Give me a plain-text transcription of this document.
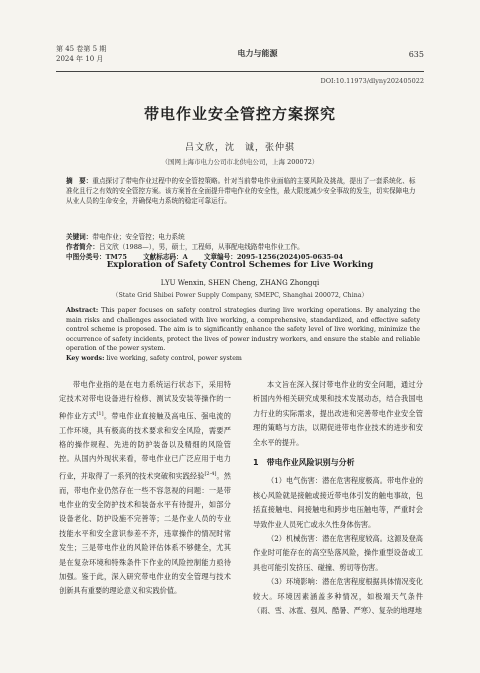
第 45 卷第 5 期
2024 年 10 月
电力与能源	635
DOI:10.11973/dlyny202405022
带电作业安全管控方案探究
吕文欣，沈　诚，张仲骐
（国网上海市电力公司市北供电公司，上海 200072）
摘　要：重点探讨了带电作业过程中的安全管控策略。针对当前带电作业面临的主要风险及挑战，提出了一套系统化、标准化且行之有效的安全管控方案。该方案旨在全面提升带电作业的安全性，最大限度减少安全事故的发生，切实保障电力从业人员的生命安全，并确保电力系统的稳定可靠运行。
关键词：带电作业；安全管控；电力系统
作者简介：吕文欣（1988—），男，硕士，工程师，从事配电线路带电作业工作。
中图分类号：TM75 文献标志码：A 文章编号：2095-1256(2024)05-0635-04
Exploration of Safety Control Schemes for Live Working
LYU Wenxin, SHEN Cheng, ZHANG Zhongqi
（State Grid Shibei Power Supply Company, SMEPC, Shanghai 200072, China）
Abstract: This paper focuses on safety control strategies during live working operations. By analyzing the main risks and challenges associated with live working, a comprehensive, standardized, and effective safety control scheme is proposed. The aim is to significantly enhance the safety level of live working, minimize the occurrence of safety incidents, protect the lives of power industry workers, and ensure the stable and reliable operation of the power system.
Key words: live working, safety control, power system

带电作业指的是在电力系统运行状态下，采用特定技术对带电设备进行检修、测试及安装等操作的一种作业方式[1]。带电作业直接触及高电压、强电流的工作环境，具有极高的技术要求和安全风险，需要严格的操作规程、先进的防护装备以及精细的风险管控。从国内外现状来看，带电作业已广泛应用于电力行业，并取得了一系列的技术突破和实践经验[2-4]。然而，带电作业仍然存在一些不容忽视的问题：一是带电作业的安全防护技术和装备水平有待提升，如部分设备老化、防护设施不完善等；二是作业人员的专业技能水平和安全意识参差不齐，违章操作的情况时常发生；三是带电作业的风险评估体系不够健全，尤其是在复杂环境和特殊条件下作业的风险控制能力亟待加强。鉴于此，深入研究带电作业的安全管理与技术创新具有重要的理论意义和实践价值。

本文旨在深入探讨带电作业的安全问题，通过分析国内外相关研究成果和技术发展动态，结合我国电力行业的实际需求，提出改进和完善带电作业安全管理的策略与方法，以期促进带电作业技术的进步和安全水平的提升。

1　带电作业风险识别与分析

（1）电气伤害：潜在危害程度极高。带电作业的核心风险就是接触或接近带电体引发的触电事故，包括直接触电、间接触电和跨步电压触电等，严重时会导致作业人员死亡或永久性身体伤害。

（2）机械伤害：潜在危害程度较高。这源及登高作业时可能存在的高空坠落风险，操作重型设备或工具也可能引发挤压、碰撞、剪切等伤害。

（3）环境影响：潜在危害程度根据具体情况变化较大。环境因素涵盖多种情况，如极端天气条件（雨、雪、冰雹、强风、酷暑、严寒）、复杂的地理地
